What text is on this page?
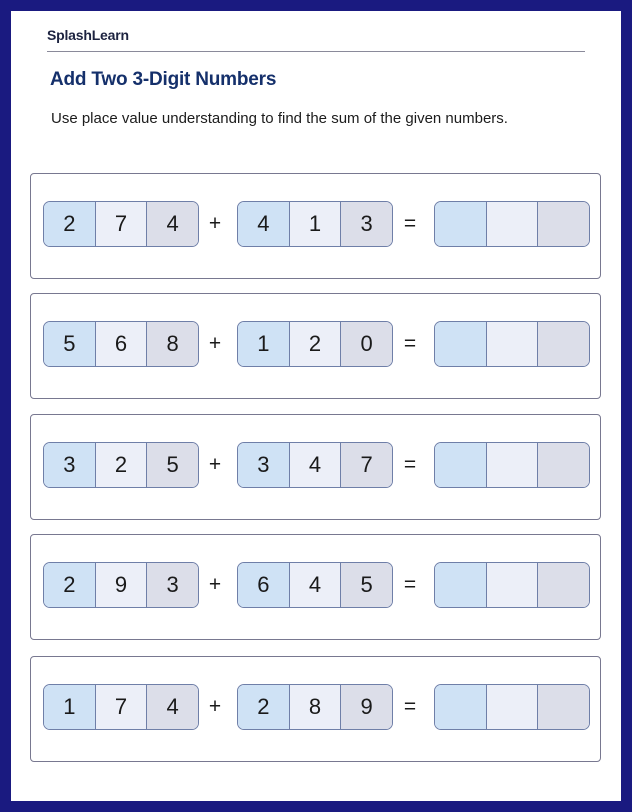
SplashLearn
Add Two 3-Digit Numbers
Use place value understanding to find the sum of the given numbers.
2	7	4	+	4	1	3	=
5	6	8	+	1	2	0	=
3	2	5	+	3	4	7	=
2	9	3	+	6	4	5	=
1	7	4	+	2	8	9	=
